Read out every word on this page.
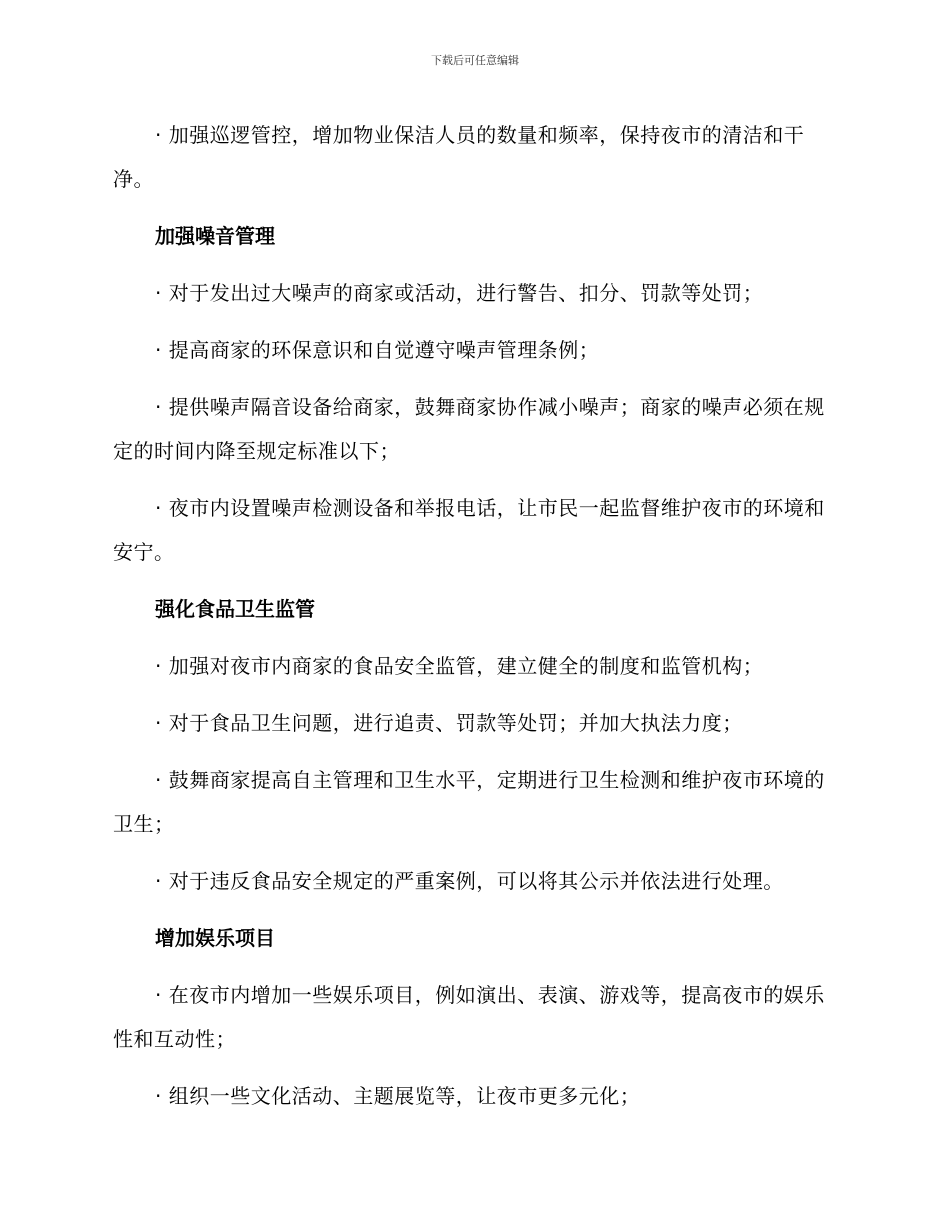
下载后可任意编辑

· 加强巡逻管控，增加物业保洁人员的数量和频率，保持夜市的清洁和干净。

加强噪音管理

· 对于发出过大噪声的商家或活动，进行警告、扣分、罚款等处罚；

· 提高商家的环保意识和自觉遵守噪声管理条例；

· 提供噪声隔音设备给商家，鼓舞商家协作减小噪声；商家的噪声必须在规定的时间内降至规定标准以下；

· 夜市内设置噪声检测设备和举报电话，让市民一起监督维护夜市的环境和安宁。

强化食品卫生监管

· 加强对夜市内商家的食品安全监管，建立健全的制度和监管机构；

· 对于食品卫生问题，进行追责、罚款等处罚；并加大执法力度；

· 鼓舞商家提高自主管理和卫生水平，定期进行卫生检测和维护夜市环境的卫生；

· 对于违反食品安全规定的严重案例，可以将其公示并依法进行处理。

增加娱乐项目

· 在夜市内增加一些娱乐项目，例如演出、表演、游戏等，提高夜市的娱乐性和互动性；

· 组织一些文化活动、主题展览等，让夜市更多元化；
